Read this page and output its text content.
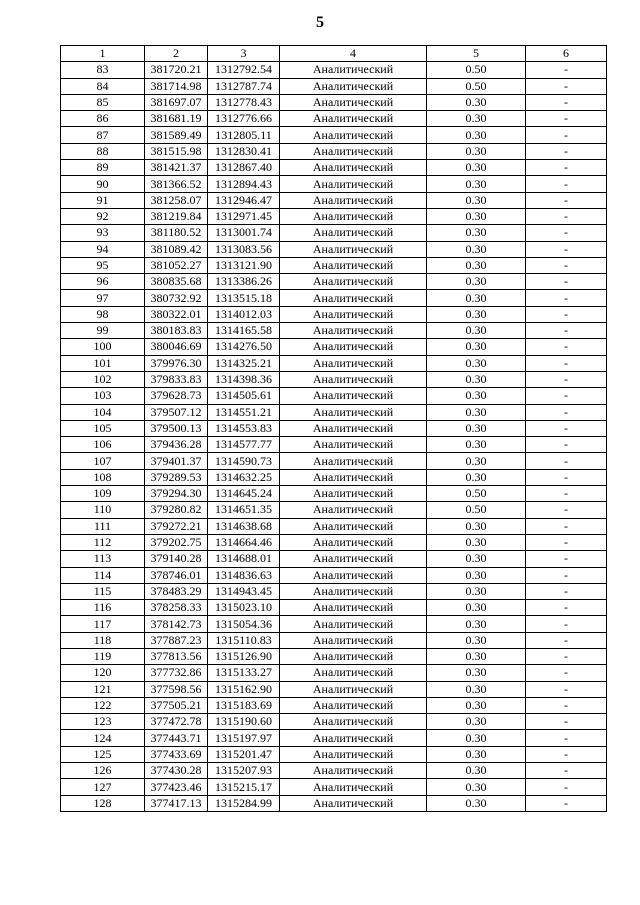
5
1	2	3	4	5	6
83	381720.21	1312792.54	Аналитический	0.50	-
84	381714.98	1312787.74	Аналитический	0.50	-
85	381697.07	1312778.43	Аналитический	0.30	-
86	381681.19	1312776.66	Аналитический	0.30	-
87	381589.49	1312805.11	Аналитический	0.30	-
88	381515.98	1312830.41	Аналитический	0.30	-
89	381421.37	1312867.40	Аналитический	0.30	-
90	381366.52	1312894.43	Аналитический	0.30	-
91	381258.07	1312946.47	Аналитический	0.30	-
92	381219.84	1312971.45	Аналитический	0.30	-
93	381180.52	1313001.74	Аналитический	0.30	-
94	381089.42	1313083.56	Аналитический	0.30	-
95	381052.27	1313121.90	Аналитический	0.30	-
96	380835.68	1313386.26	Аналитический	0.30	-
97	380732.92	1313515.18	Аналитический	0.30	-
98	380322.01	1314012.03	Аналитический	0.30	-
99	380183.83	1314165.58	Аналитический	0.30	-
100	380046.69	1314276.50	Аналитический	0.30	-
101	379976.30	1314325.21	Аналитический	0.30	-
102	379833.83	1314398.36	Аналитический	0.30	-
103	379628.73	1314505.61	Аналитический	0.30	-
104	379507.12	1314551.21	Аналитический	0.30	-
105	379500.13	1314553.83	Аналитический	0.30	-
106	379436.28	1314577.77	Аналитический	0.30	-
107	379401.37	1314590.73	Аналитический	0.30	-
108	379289.53	1314632.25	Аналитический	0.30	-
109	379294.30	1314645.24	Аналитический	0.50	-
110	379280.82	1314651.35	Аналитический	0.50	-
111	379272.21	1314638.68	Аналитический	0.30	-
112	379202.75	1314664.46	Аналитический	0.30	-
113	379140.28	1314688.01	Аналитический	0.30	-
114	378746.01	1314836.63	Аналитический	0.30	-
115	378483.29	1314943.45	Аналитический	0.30	-
116	378258.33	1315023.10	Аналитический	0.30	-
117	378142.73	1315054.36	Аналитический	0.30	-
118	377887.23	1315110.83	Аналитический	0.30	-
119	377813.56	1315126.90	Аналитический	0.30	-
120	377732.86	1315133.27	Аналитический	0.30	-
121	377598.56	1315162.90	Аналитический	0.30	-
122	377505.21	1315183.69	Аналитический	0.30	-
123	377472.78	1315190.60	Аналитический	0.30	-
124	377443.71	1315197.97	Аналитический	0.30	-
125	377433.69	1315201.47	Аналитический	0.30	-
126	377430.28	1315207.93	Аналитический	0.30	-
127	377423.46	1315215.17	Аналитический	0.30	-
128	377417.13	1315284.99	Аналитический	0.30	-
